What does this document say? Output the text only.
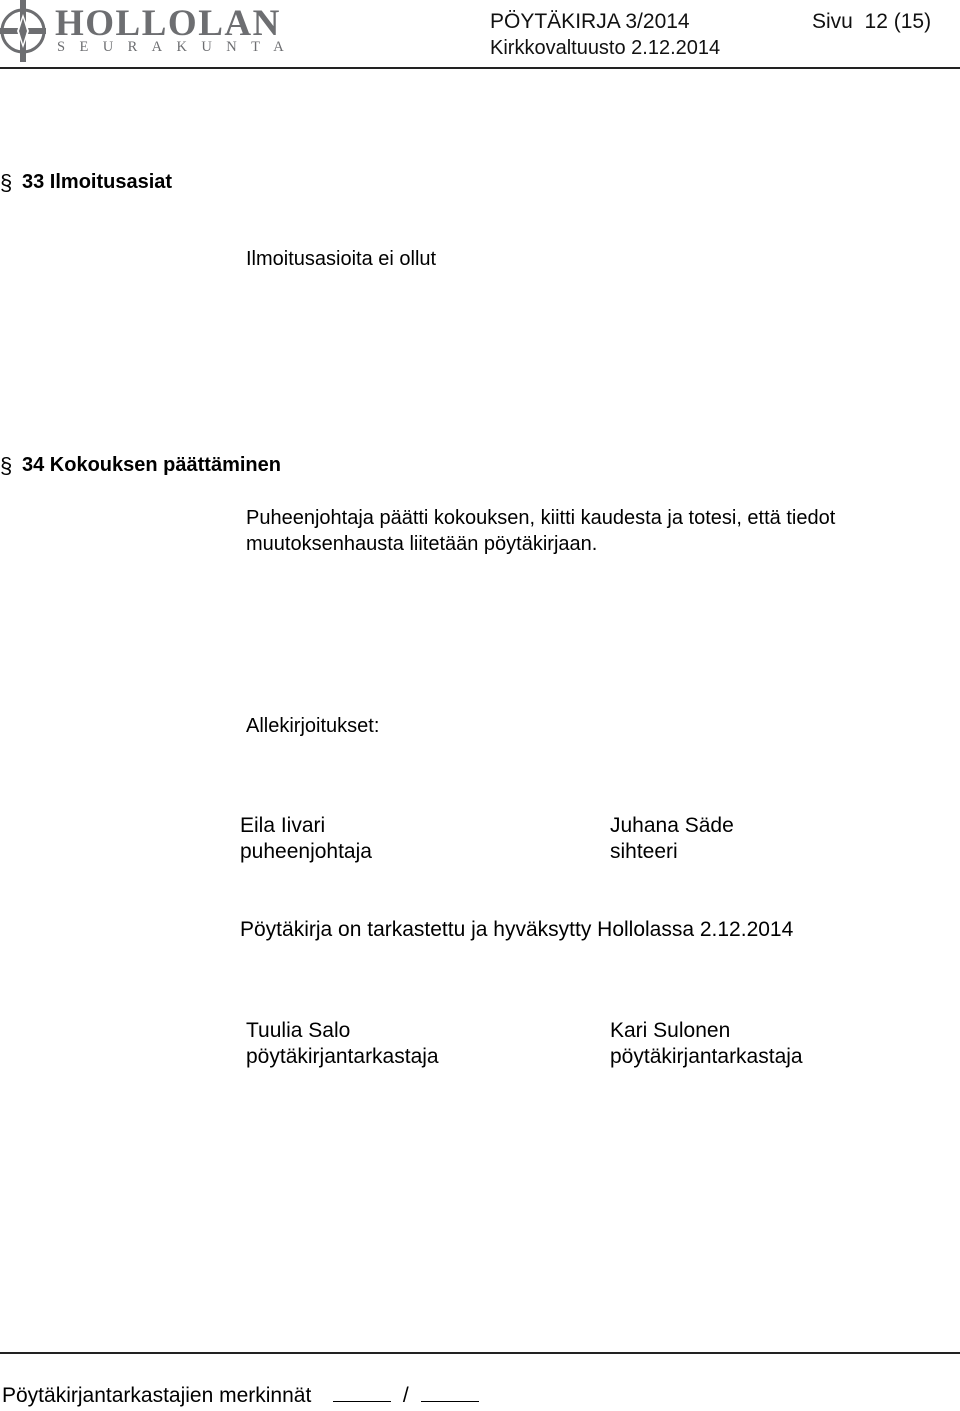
HOLLOLAN
SEURAKUNTA
PÖYTÄKIRJA 3/2014
Kirkkovaltuusto 2.12.2014
Sivu  12 (15)
§ 33 Ilmoitusasiat
Ilmoitusasioita ei ollut
§ 34 Kokouksen päättäminen
Puheenjohtaja päätti kokouksen, kiitti kaudesta ja totesi, että tiedot
muutoksenhausta liitetään pöytäkirjaan.
Allekirjoitukset:
Eila Iivari
puheenjohtaja
Juhana Säde
sihteeri
Pöytäkirja on tarkastettu ja hyväksytty Hollolassa 2.12.2014
Tuulia Salo
pöytäkirjantarkastaja
Kari Sulonen
pöytäkirjantarkastaja
Pöytäkirjantarkastajien merkinnät	/
